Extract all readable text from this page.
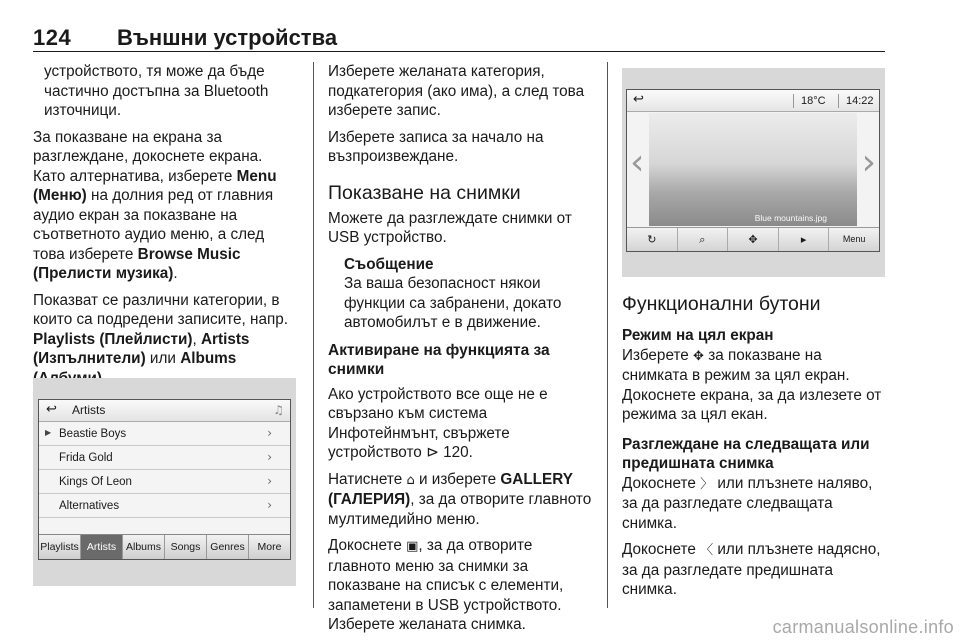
124 Външни устройства

устройството, тя може да бъде частично достъпна за Bluetooth източници.

За показване на екрана за разглеждане, докоснете екрана. Като алтернатива, изберете Menu (Меню) на долния ред от главния аудио екран за показване на съответното аудио меню, а след това изберете Browse Music (Прелисти музика).

Показват се различни категории, в които са подредени записите, напр. Playlists (Плейлисти), Artists (Изпълнители) или Albums

↩ Artists	♫
▶ Beastie Boys	›
Frida Gold	›
Kings Of Leon	›
Alternatives	›
Playlists Artists Albums Songs Genres	More

Изберете желаната категория, подкатегория (ако има), а след това изберете запис.

Изберете записа за начало на възпроизвеждане.

Показване на снимки

Можете да разглеждате снимки от USB устройство.

Съобщение
За ваша безопасност някои функции са забранени, докато автомобилът е в движение.
Активиране на функцията за снимки

Ако устройството все още не е свързано към система Инфотейнмънт, свържете устройството ⊳ 120.

Натиснете ⌂ и изберете GALLERY (ГАЛЕРИЯ), за да отворите главното мултимедийно меню.

Докоснете ▣, за да отворите главното меню за снимки за показване на списък с елементи, запаметени в USB устройството. Изберете желаната снимка.

↩	18°C 14:22
‹
Blue mountains.jpg
›
↻	⌕	✥	▸	Menu
Функционални бутони
Режим на цял екран

Изберете ✥ за показване на снимката в режим за цял екран. Докоснете екрана, за да излезете от режима за цял екан.

Разглеждане на следващата или предишната снимка

Докоснете 〉 или плъзнете наляво, за да разгледате следващата снимка.

Докоснете 〈 или плъзнете надясно, за да разгледате предишната снимка.

carmanualsonline.info
